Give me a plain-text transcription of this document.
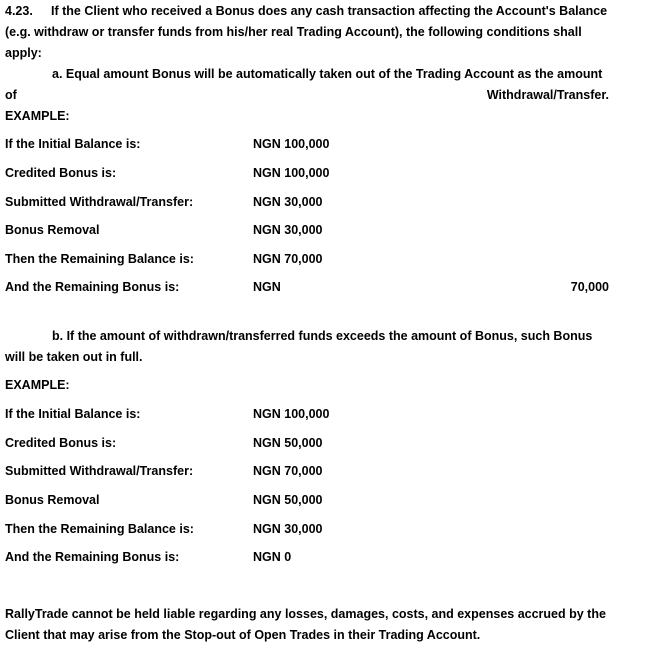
4.23. If the Client who received a Bonus does any cash transaction affecting the Account's Balance
(e.g. withdraw or transfer funds from his/her real Trading Account), the following conditions shall
apply:
a. Equal amount Bonus will be automatically taken out of the Trading Account as the amount
of	Withdrawal/Transfer.
EXAMPLE:
If the Initial Balance is:	NGN 100,000
Credited Bonus is:	NGN 100,000
Submitted Withdrawal/Transfer:	NGN 30,000
Bonus Removal	NGN 30,000
Then the Remaining Balance is:	NGN 70,000
And the Remaining Bonus is:	NGN	70,000
b. If the amount of withdrawn/transferred funds exceeds the amount of Bonus, such Bonus
will be taken out in full.
EXAMPLE:
If the Initial Balance is:	NGN 100,000
Credited Bonus is:	NGN 50,000
Submitted Withdrawal/Transfer:	NGN 70,000
Bonus Removal	NGN 50,000
Then the Remaining Balance is:	NGN 30,000
And the Remaining Bonus is:	NGN 0
RallyTrade cannot be held liable regarding any losses, damages, costs, and expenses accrued by the
Client that may arise from the Stop-out of Open Trades in their Trading Account.
